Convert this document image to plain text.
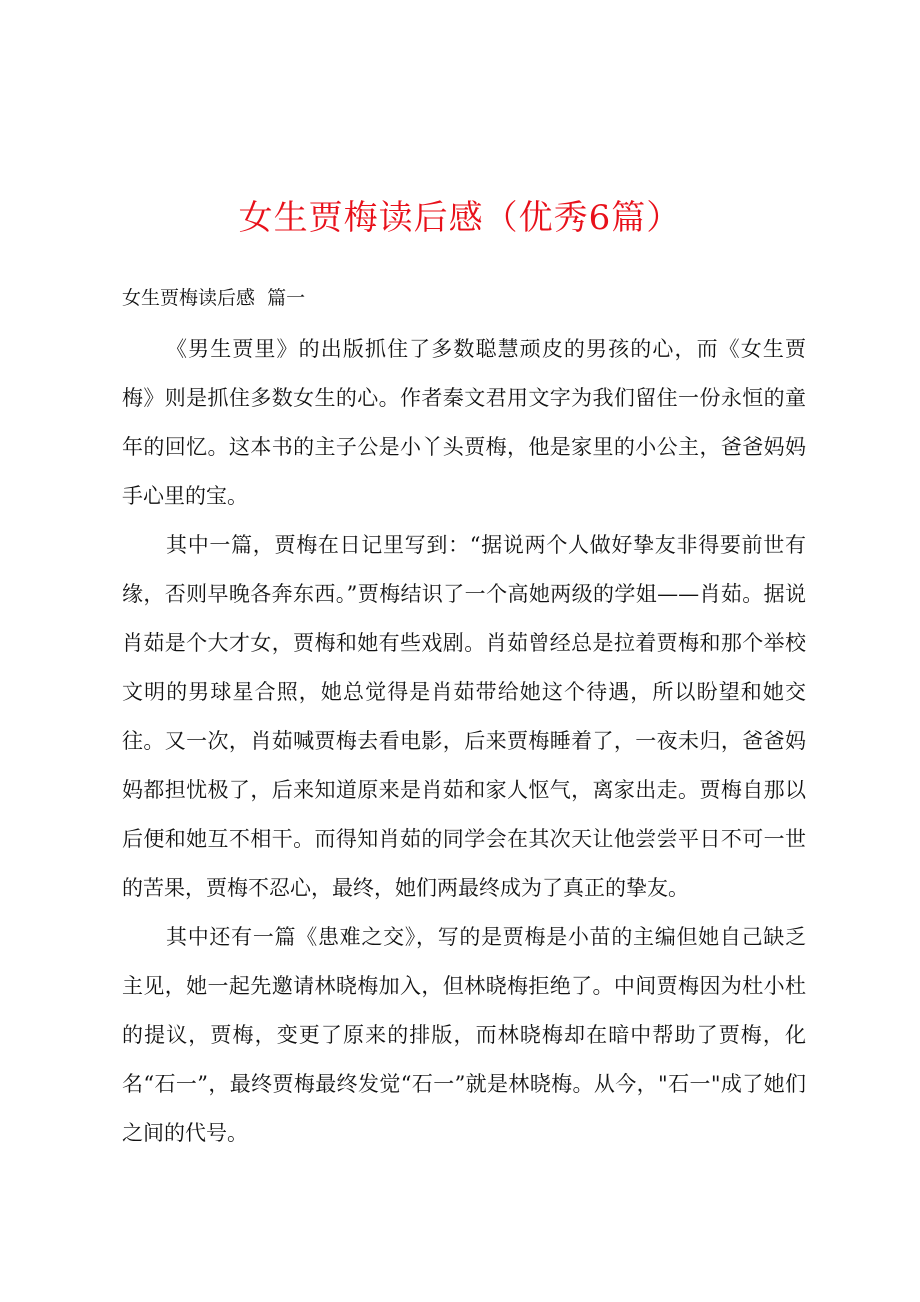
女生贾梅读后感（优秀6篇）
女生贾梅读后感  篇一

《男生贾里》的出版抓住了多数聪慧顽皮的男孩的心，而《女生贾梅》则是抓住多数女生的心。作者秦文君用文字为我们留住一份永恒的童年的回忆。这本书的主子公是小丫头贾梅，他是家里的小公主，爸爸妈妈手心里的宝。

其中一篇，贾梅在日记里写到：“据说两个人做好挚友非得要前世有缘，否则早晚各奔东西。”贾梅结识了一个高她两级的学姐——肖茹。据说肖茹是个大才女，贾梅和她有些戏剧。肖茹曾经总是拉着贾梅和那个举校文明的男球星合照，她总觉得是肖茹带给她这个待遇，所以盼望和她交往。又一次，肖茹喊贾梅去看电影，后来贾梅睡着了，一夜未归，爸爸妈妈都担忧极了，后来知道原来是肖茹和家人怄气，离家出走。贾梅自那以后便和她互不相干。而得知肖茹的同学会在其次天让他尝尝平日不可一世的苦果，贾梅不忍心，最终，她们两最终成为了真正的挚友。

其中还有一篇《患难之交》，写的是贾梅是小苗的主编但她自己缺乏主见，她一起先邀请林晓梅加入，但林晓梅拒绝了。中间贾梅因为杜小杜的提议，贾梅，变更了原来的排版，而林晓梅却在暗中帮助了贾梅，化名“石一”，最终贾梅最终发觉“石一”就是林晓梅。从今，"石一"成了她们之间的代号。
